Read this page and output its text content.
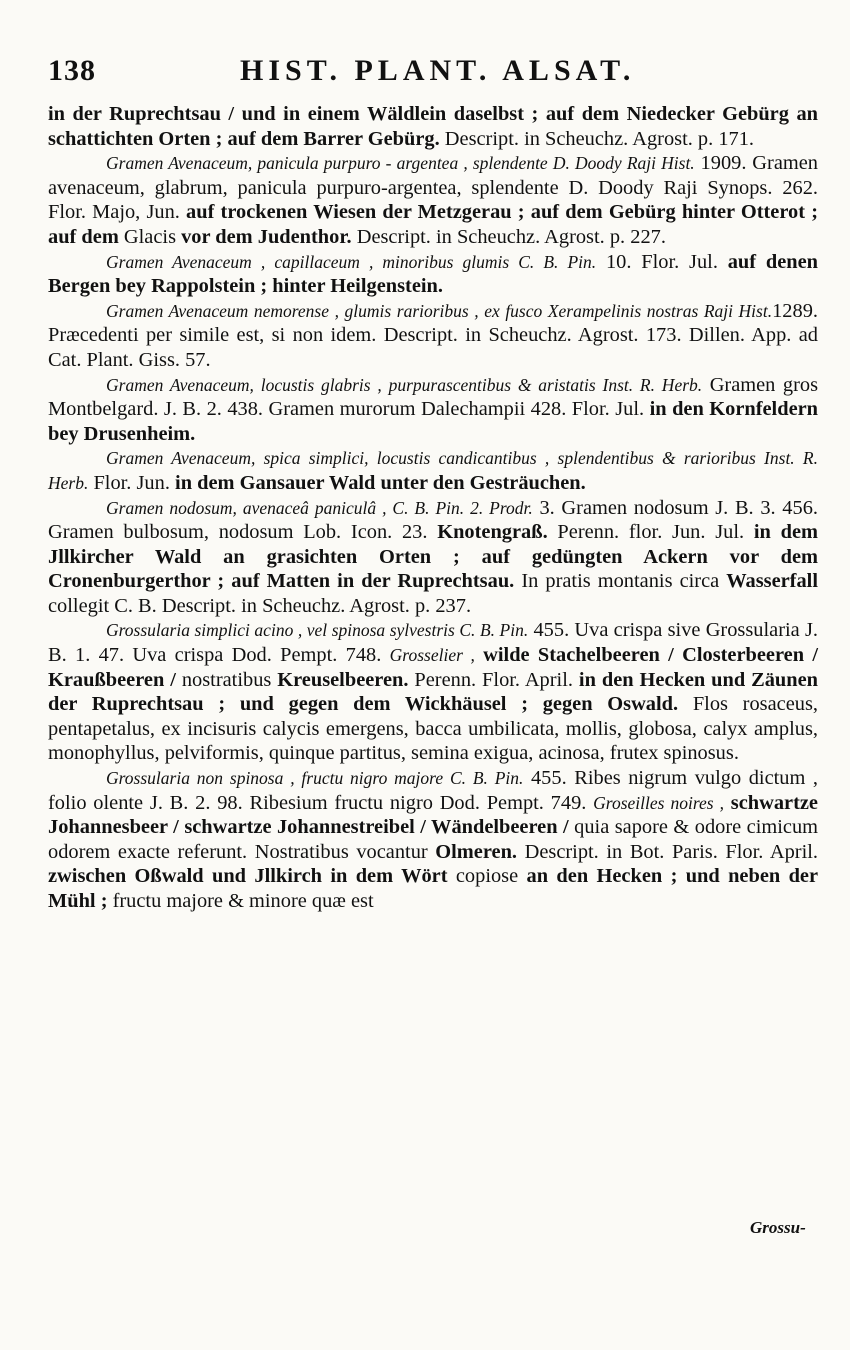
138	HIST. PLANT. ALSAT.

in der Ruprechtsau / und in einem Wäldlein daselbst ; auf dem Niedecker Gebürg an schattichten Orten ; auf dem Barrer Gebürg. Descript. in Scheuchz. Agrost. p. 171.

Gramen Avenaceum, panicula purpuro - argentea , splendente D. Doody Raji Hist. 1909. Gramen avenaceum, glabrum, panicula purpuro-argentea, splendente D. Doody Raji Synops. 262. Flor. Majo, Jun. auf trockenen Wiesen der Metzgerau ; auf dem Gebürg hinter Otterot ; auf dem Glacis vor dem Judenthor. Descript. in Scheuchz. Agrost. p. 227.

Gramen Avenaceum , capillaceum , minoribus glumis C. B. Pin. 10. Flor. Jul. auf denen Bergen bey Rappolstein ; hinter Heilgenstein.

Gramen Avenaceum nemorense , glumis rarioribus , ex fusco Xerampelinis nostras Raji Hist.1289. Præcedenti per simile est, si non idem. Descript. in Scheuchz. Agrost. 173. Dillen. App. ad Cat. Plant. Giss. 57.

Gramen Avenaceum, locustis glabris , purpurascentibus & aristatis Inst. R. Herb. Gramen gros Montbelgard. J. B. 2. 438. Gramen murorum Dalechampii 428. Flor. Jul. in den Kornfeldern bey Drusenheim.

Gramen Avenaceum, spica simplici, locustis candicantibus , splendentibus & rarioribus Inst. R. Herb. Flor. Jun. in dem Gansauer Wald unter den Gesträuchen.

Gramen nodosum, avenaceâ paniculâ , C. B. Pin. 2. Prodr. 3. Gramen nodosum J. B. 3. 456. Gramen bulbosum, nodosum Lob. Icon. 23. Knotengraß. Perenn. flor. Jun. Jul. in dem Jllkircher Wald an grasichten Orten ; auf gedüngten Ackern vor dem Cronenburgerthor ; auf Matten in der Ruprechtsau. In pratis montanis circa Wasserfall collegit C. B. Descript. in Scheuchz. Agrost. p. 237.

Grossularia simplici acino , vel spinosa sylvestris C. B. Pin. 455. Uva crispa sive Grossularia J. B. 1. 47. Uva crispa Dod. Pempt. 748. Grosselier , wilde Stachelbeeren / Closterbeeren / Kraußbeeren / nostratibus Kreuselbeeren. Perenn. Flor. April. in den Hecken und Zäunen der Ruprechtsau ; und gegen dem Wickhäusel ; gegen Oswald. Flos rosaceus, pentapetalus, ex incisuris calycis emergens, bacca umbilicata, mollis, globosa, calyx amplus, monophyllus, pelviformis, quinque partitus, semina exigua, acinosa, frutex spinosus.

Grossularia non spinosa , fructu nigro majore C. B. Pin. 455. Ribes nigrum vulgo dictum , folio olente J. B. 2. 98. Ribesium fructu nigro Dod. Pempt. 749. Groseilles noires , schwartze Johannesbeer / schwartze Johannestreibel / Wändelbeeren / quia sapore & odore cimicum odorem exacte referunt. Nostratibus vocantur Olmeren. Descript. in Bot. Paris. Flor. April. zwischen Oßwald und Jllkirch in dem Wört copiose an den Hecken ; und neben der Mühl ; fructu majore & minore quæ est

Grossu-
